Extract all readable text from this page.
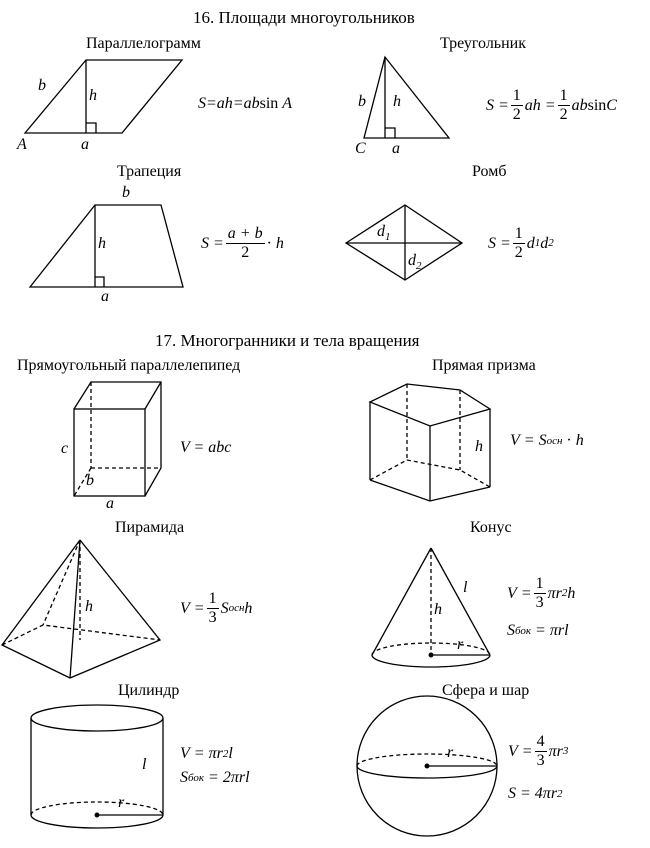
16. Площади многоугольников
Параллелограмм
b
h
A	a
S=ah=ab sin A
Треугольник
b h
C a
$S = \frac{1}{2}$ ah = $\frac{1}{2}$ ab sin C
Трапеция
b
h
a
$S = \frac{a + b}{2} \cdot h$
Ромб
$d_1$
$d_2$
$S = \frac{1}{2}$ d 1 d 2
17. Многогранники и тела вращения
Прямоугольный параллелепипед
c
b
a
V = abc
Прямая призма
h V = S осн
· h
Пирамида
h	$V = \frac{1}{3}$ S осн h
Конус
l
h
r
$V = \frac{1}{3}$ πr 2 h
S бок = πrl
Цилиндр
l
r
V = πr 2 l
S бок = 2πrl
Сфера и шар
r	$V = \frac{4}{3}$ πr 3
S = 4πr 2
